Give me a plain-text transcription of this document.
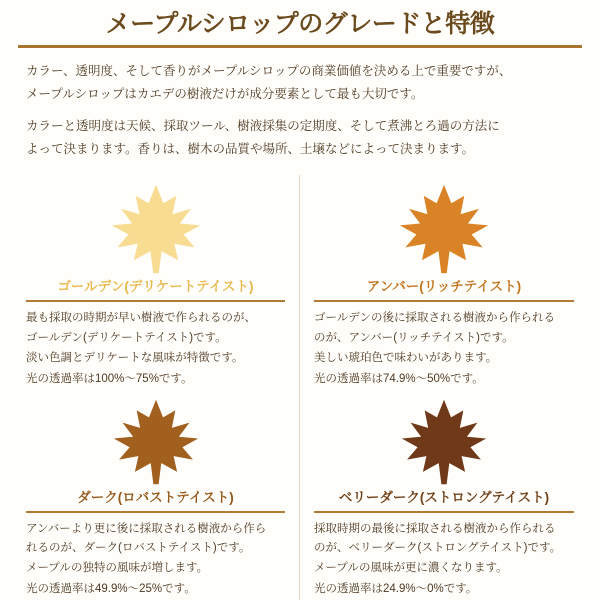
メープルシロップのグレードと特徴

カラー、透明度、そして香りがメープルシロップの商業価値を決める上で重要ですが、

メープルシロップはカエデの樹液だけが成分要素として最も大切です。

カラーと透明度は天候、採取ツール、樹液採集の定期度、そして煮沸とろ過の方法に

よって決まります。香りは、樹木の品質や場所、土壌などによって決まります。

ゴールデン(デリケートテイスト)
最も採取の時期が早い樹液で作られるのが、
ゴールデン(デリケートテイスト)です。
淡い色調とデリケートな風味が特徴です。
光の透過率は100%～75%です。
アンバー(リッチテイスト)
ゴールデンの後に採取される樹液から作られる
のが、アンバー(リッチテイスト)です。
美しい琥珀色で味わいがあります。
光の透過率は74.9%～50%です。
ダーク(ロバストテイスト)
アンバーより更に後に採取される樹液から作ら
れるのが、ダーク(ロバストテイスト)です。
メープルの独特の風味が増します。
光の透過率は49.9%～25%です。
ベリーダーク(ストロングテイスト)
採取時期の最後に採取される樹液から作られる
のが、ベリーダーク(ストロングテイスト)です。
メープルの風味が更に濃くなります。
光の透過率は24.9%～0%です。
